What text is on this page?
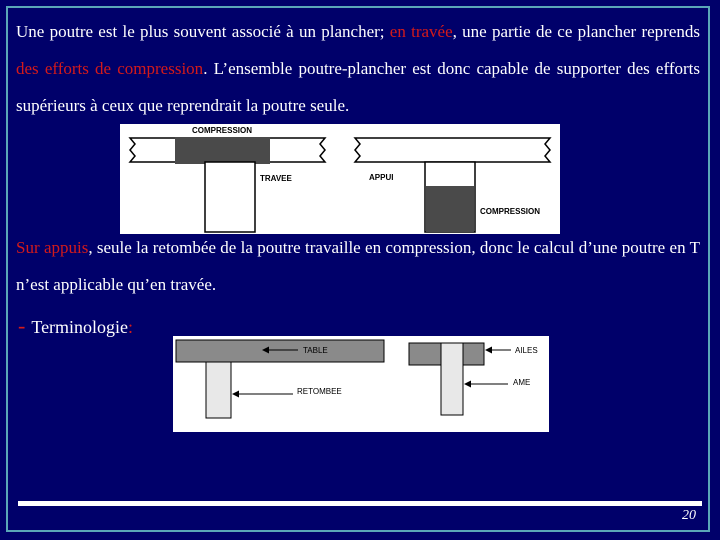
Une poutre est le plus souvent associé à un plancher; en travée, une partie de ce plancher reprends des efforts de compression. L’ensemble poutre-plancher est donc capable de supporter des efforts supérieurs à ceux que reprendrait la poutre seule.
COMPRESSION
TRAVEE	APPUI
COMPRESSION
Sur appuis, seule la retombée de la poutre travaille en compression, donc le calcul d’une poutre en T n’est applicable qu’en travée.
- Terminologie:
TABLE
RETOMBEE
AILES
AME
20
